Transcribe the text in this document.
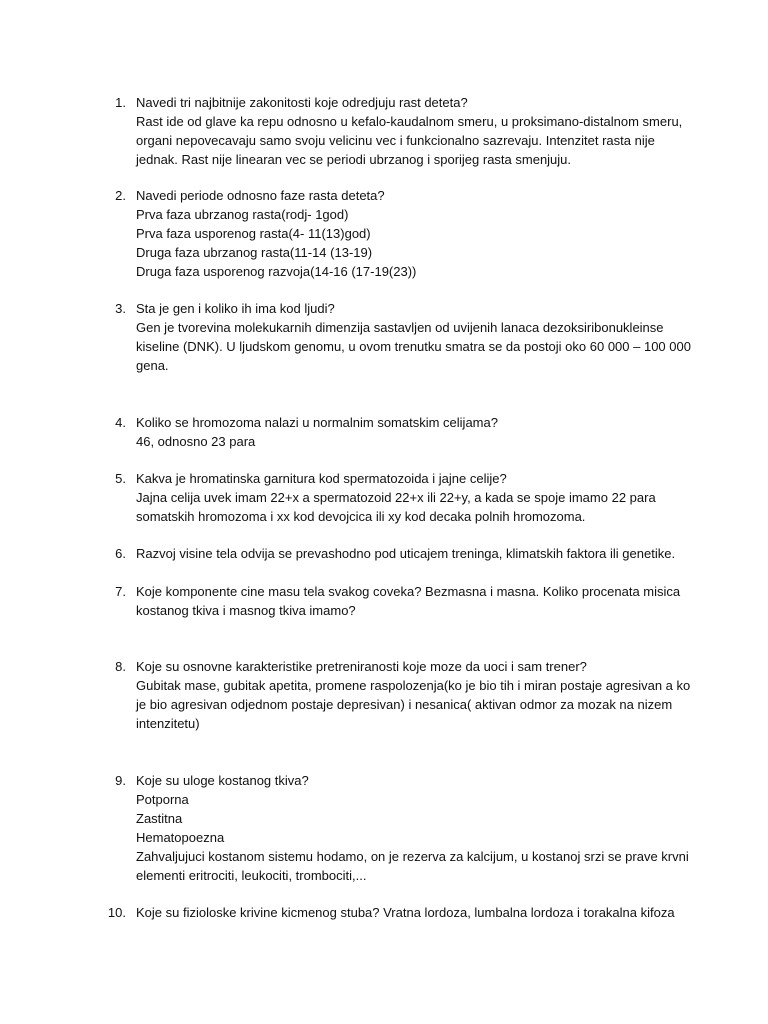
1. Navedi tri najbitnije zakonitosti koje odredjuju rast deteta?
Rast ide od glave ka repu odnosno u kefalo-kaudalnom smeru, u proksimano-distalnom smeru,
organi nepovecavaju samo svoju velicinu vec i funkcionalno sazrevaju. Intenzitet rasta nije
jednak. Rast nije linearan vec se periodi ubrzanog i sporijeg rasta smenjuju.
2. Navedi periode odnosno faze rasta deteta?
Prva faza ubrzanog rasta(rodj- 1god)
Prva faza usporenog rasta(4- 11(13)god)
Druga faza ubrzanog rasta(11-14 (13-19)
Druga faza usporenog razvoja(14-16 (17-19(23))
3. Sta je gen i koliko ih ima kod ljudi?
Gen je tvorevina molekukarnih dimenzija sastavljen od uvijenih lanaca dezoksiribonukleinse
kiseline (DNK). U ljudskom genomu, u ovom trenutku smatra se da postoji oko 60 000 – 100 000
gena.
4. Koliko se hromozoma nalazi u normalnim somatskim celijama?
46, odnosno 23 para
5. Kakva je hromatinska garnitura kod spermatozoida i jajne celije?
Jajna celija uvek imam 22+x a spermatozoid 22+x ili 22+y, a kada se spoje imamo 22 para
somatskih hromozoma i xx kod devojcica ili xy kod decaka polnih hromozoma.
6. Razvoj visine tela odvija se prevashodno pod uticajem treninga, klimatskih faktora ili genetike.
7. Koje komponente cine masu tela svakog coveka? Bezmasna i masna. Koliko procenata misica
kostanog tkiva i masnog tkiva imamo?
8. Koje su osnovne karakteristike pretreniranosti koje moze da uoci i sam trener?
Gubitak mase, gubitak apetita, promene raspolozenja(ko je bio tih i miran postaje agresivan a ko
je bio agresivan odjednom postaje depresivan) i nesanica( aktivan odmor za mozak na nizem
intenzitetu)
9. Koje su uloge kostanog tkiva?
Potporna
Zastitna
Hematopoezna
Zahvaljujuci kostanom sistemu hodamo, on je rezerva za kalcijum, u kostanoj srzi se prave krvni
elementi eritrociti, leukociti, trombociti,...
10. Koje su fizioloske krivine kicmenog stuba? Vratna lordoza, lumbalna lordoza i torakalna kifoza
